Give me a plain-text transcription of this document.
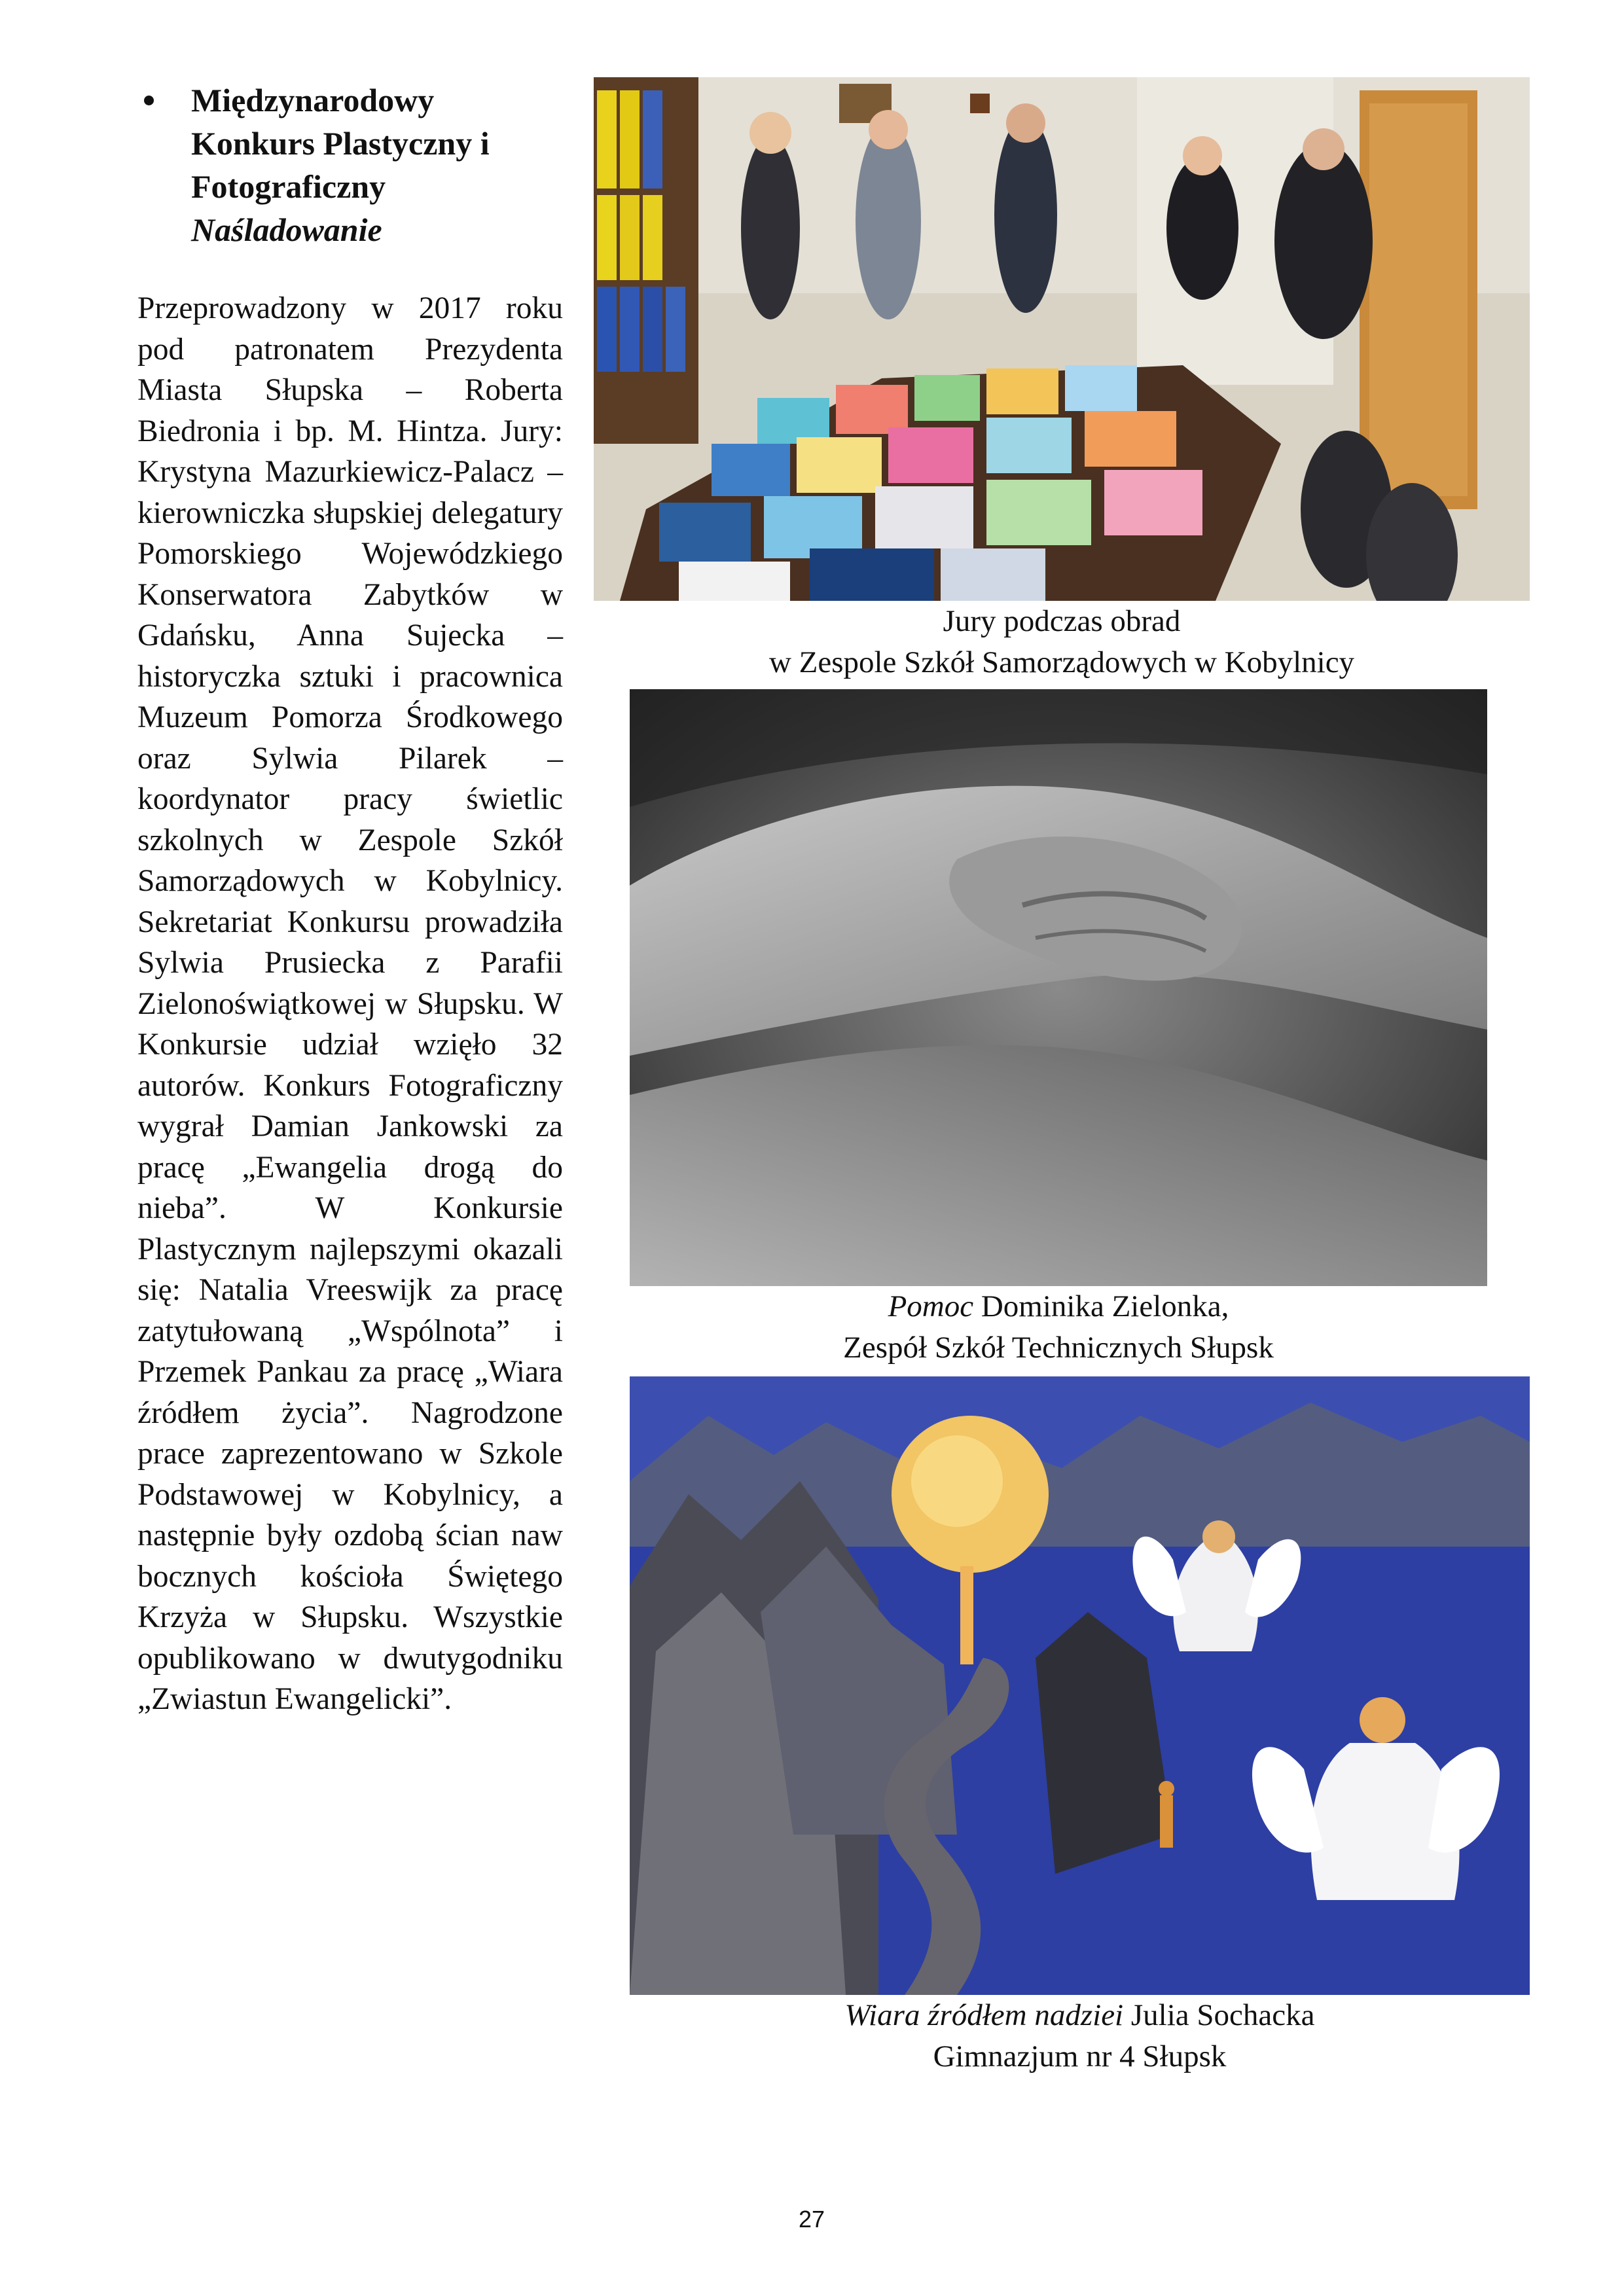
Międzynarodowy Konkurs Plastyczny i Fotograficzny
Naśladowanie
Przeprowadzony w 2017 roku pod patronatem Prezydenta Miasta Słupska – Roberta Biedronia i bp. M. Hintza. Jury: Krystyna Mazurkiewicz-Palacz – kierowniczka słupskiej delegatury Pomorskiego Wojewódzkiego Konserwatora Zabytków w Gdańsku, Anna Sujecka – historyczka sztuki i pracownica Muzeum Pomorza Środkowego oraz Sylwia Pilarek – koordynator pracy świetlic szkolnych w Zespole Szkół Samorządowych w Kobylnicy. Sekretariat Konkursu prowadziła Sylwia Prusiecka z Parafii Zielonoświątkowej w Słupsku. W Konkursie udział wzięło 32 autorów. Konkurs Fotograficzny wygrał Damian Jankowski za pracę „Ewangelia drogą do nieba”. W Konkursie Plastycznym najlepszymi okazali się: Natalia Vreeswijk za pracę zatytułowaną „Wspólnota” i Przemek Pankau za pracę „Wiara źródłem życia”. Nagrodzone prace zaprezentowano w Szkole Podstawowej w Kobylnicy, a następnie były ozdobą ścian naw bocznych kościoła Świętego Krzyża w Słupsku. Wszystkie opublikowano w dwutygodniku „Zwiastun Ewangelicki”.
Jury podczas obrad
w Zespole Szkół Samorządowych w Kobylnicy
Pomoc Dominika Zielonka,
Zespół Szkół Technicznych Słupsk
Wiara źródłem nadziei Julia Sochacka
Gimnazjum nr 4 Słupsk
27
